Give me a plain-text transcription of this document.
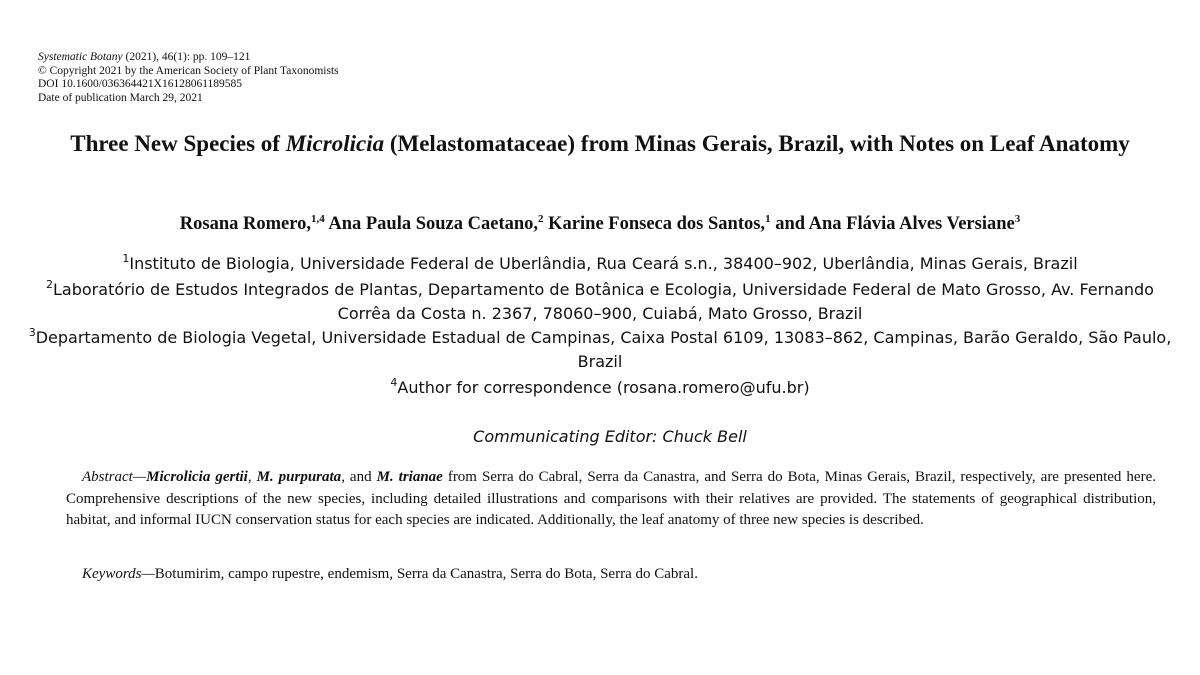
Systematic Botany (2021), 46(1): pp. 109–121
© Copyright 2021 by the American Society of Plant Taxonomists
DOI 10.1600/036364421X16128061189585
Date of publication March 29, 2021
Three New Species of Microlicia (Melastomataceae) from Minas Gerais, Brazil, with Notes on Leaf Anatomy
Rosana Romero,$^{1,4}$ Ana Paula Souza Caetano,$^2$ Karine Fonseca dos Santos,$^1$ and Ana Flávia Alves Versiane$^3$
$^1$Instituto de Biologia, Universidade Federal de Uberlândia, Rua Ceará s.n., 38400–902, Uberlândia, Minas Gerais, Brazil
$^2$Laboratório de Estudos Integrados de Plantas, Departamento de Botânica e Ecologia, Universidade Federal de Mato Grosso, Av. Fernando Corrêa da Costa n. 2367, 78060–900, Cuiabá, Mato Grosso, Brazil
$^3$Departamento de Biologia Vegetal, Universidade Estadual de Campinas, Caixa Postal 6109, 13083–862, Campinas, Barão Geraldo, São Paulo, Brazil
$^4$Author for correspondence (rosana.romero@ufu.br)
Communicating Editor: Chuck Bell
Abstract—Microlicia gertii, M. purpurata, and M. trianae from Serra do Cabral, Serra da Canastra, and Serra do Bota, Minas Gerais, Brazil, respectively, are presented here. Comprehensive descriptions of the new species, including detailed illustrations and comparisons with their relatives are provided. The statements of geographical distribution, habitat, and informal IUCN conservation status for each species are indicated. Additionally, the leaf anatomy of three new species is described.
Keywords—Botumirim, campo rupestre, endemism, Serra da Canastra, Serra do Bota, Serra do Cabral.
